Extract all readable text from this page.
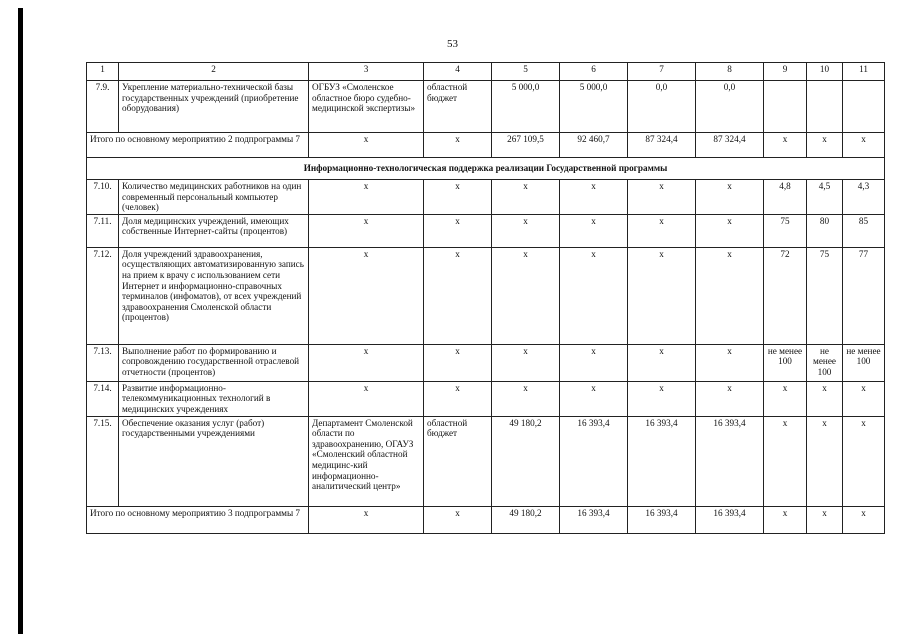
53
1	2	3	4	5	6	7	8	9	10	11
7.9.	Укрепление материально-технической базы государственных учреждений (приобретение оборудования)	ОГБУЗ «Смоленское областное бюро судебно-медицинской экспертизы»	областной бюджет	5 000,0	5 000,0	0,0	0,0			
Итого по основному мероприятию 2 подпрограммы 7		х	х	267 109,5	92 460,7	87 324,4	87 324,4	х	х	х
Информационно-технологическая поддержка реализации Государственной программы										
7.10.	Количество медицинских работников на один современный персональный компьютер (человек)	х	х	х	х	х	х	4,8	4,5	4,3
7.11.	Доля медицинских учреждений, имеющих собственные Интернет-сайты (процентов)	х	х	х	х	х	х	75	80	85
7.12.	Доля учреждений здравоохранения, осуществляющих автоматизированную запись на прием к врачу с использованием сети Интернет и информационно-справочных терминалов (инфоматов), от всех учреждений здравоохранения Смоленской области (процентов)	х	х	х	х	х	х	72	75	77
7.13.	Выполнение работ по формированию и сопровождению государственной отраслевой отчетности (процентов)	х	х	х	х	х	х	не менее 100	не менее 100	не менее 100
7.14.	Развитие информационно-телекоммуникационных технологий в медицинских учреждениях	х	х	х	х	х	х	х	х	х
7.15.	Обеспечение оказания услуг (работ) государственными учреждениями	Департамент Смоленской области по здравоохранению, ОГАУЗ «Смоленский областной медицинс-кий информационно-аналитический центр»	областной бюджет	49 180,2	16 393,4	16 393,4	16 393,4	х	х	х
Итого по основному мероприятию 3 подпрограммы 7		х	х	49 180,2	16 393,4	16 393,4	16 393,4	х	х	х
